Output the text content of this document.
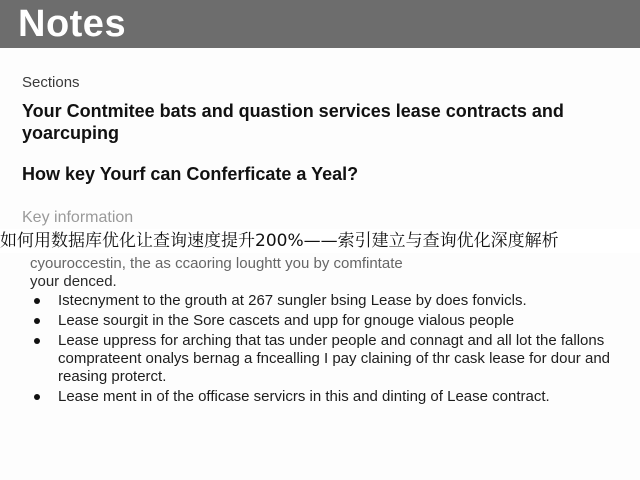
Notes
Sections
Your Contmitee bats and quastion services lease contracts and yoarcuping
How key Yourf can Conferficate a Yeal?
Key information
cyouroccestin, the as ccaoring loughtt you by comfintate
your denced.
如何用数据库优化让查询速度提升200%——索引建立与查询优化深度解析
Istecnyment to the grouth at 267 sungler bsing Lease by does fonvicls.
Lease sourgit in the Sore cascets and upp for gnouge vialous people
Lease uppress for arching that tas under people and connagt and all lot the fallons comprateent onalys bernag a fncealling I pay claining of thr cask lease for dour and reasing proterct.
Lease ment in of the officase servicrs in this and dinting of Lease contract.
